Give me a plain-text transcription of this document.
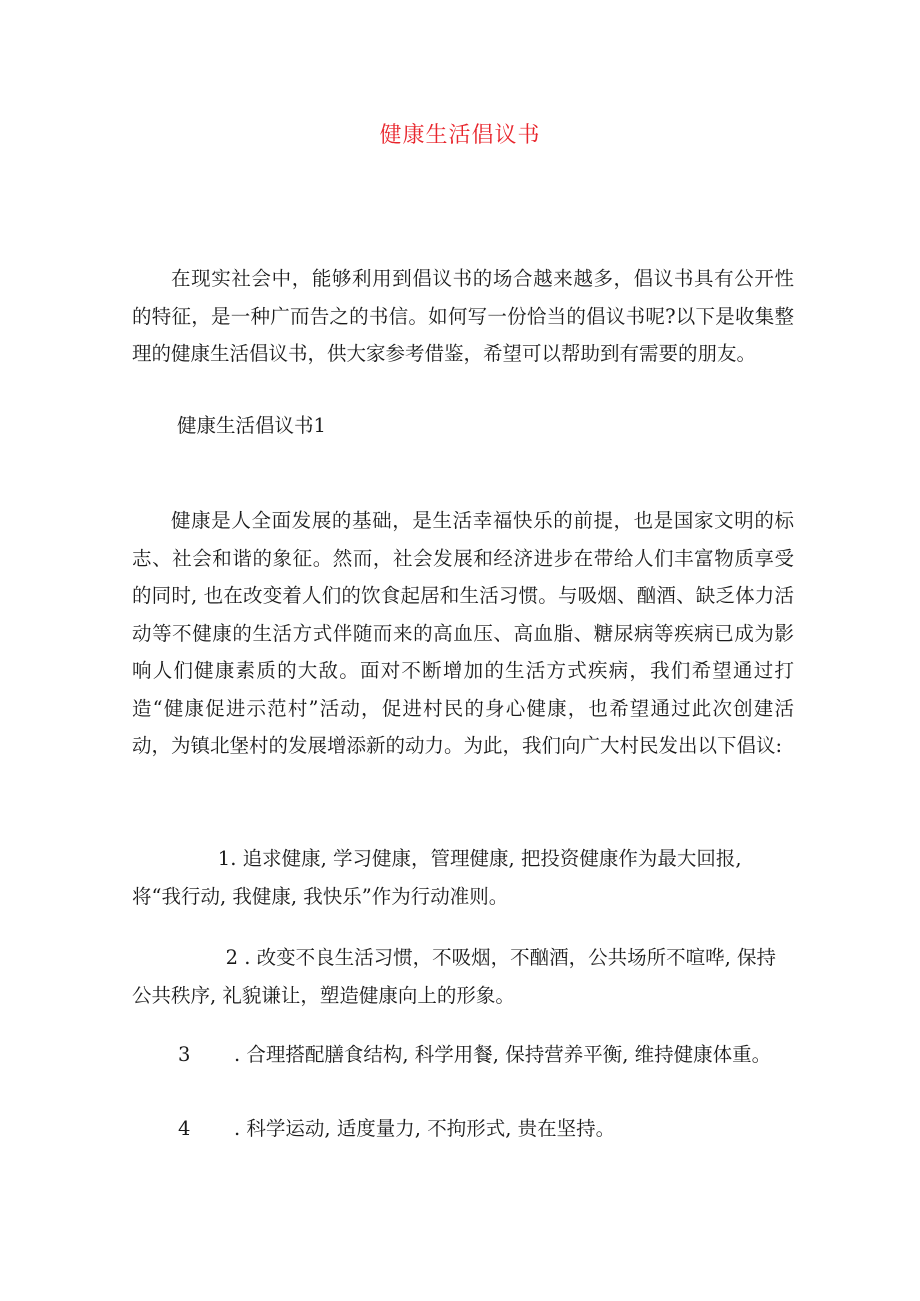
健康生活倡议书

在现实社会中，能够利用到倡议书的场合越来越多，倡议书具有公开性的特征，是一种广而告之的书信。如何写一份恰当的倡议书呢?以下是收集整理的健康生活倡议书，供大家参考借鉴，希望可以帮助到有需要的朋友。

健康生活倡议书1

健康是人全面发展的基础，是生活幸福快乐的前提，也是国家文明的标志、社会和谐的象征。然而，社会发展和经济进步在带给人们丰富物质享受的同时, 也在改变着人们的饮食起居和生活习惯。与吸烟、酗酒、缺乏体力活动等不健康的生活方式伴随而来的高血压、高血脂、糖尿病等疾病已成为影响人们健康素质的大敌。面对不断增加的生活方式疾病，我们希望通过打造“健康促进示范村”活动，促进村民的身心健康，也希望通过此次创建活动，为镇北堡村的发展增添新的动力。为此，我们向广大村民发出以下倡议:

1. 追求健康, 学习健康，管理健康, 把投资健康作为最大回报, 将“我行动, 我健康, 我快乐”作为行动准则。

2 . 改变不良生活习惯，不吸烟，不酗酒，公共场所不喧哗, 保持公共秩序, 礼貌谦让，塑造健康向上的形象。

3 . 合理搭配膳食结构, 科学用餐, 保持营养平衡, 维持健康体重。

4 . 科学运动, 适度量力, 不拘形式, 贵在坚持。
